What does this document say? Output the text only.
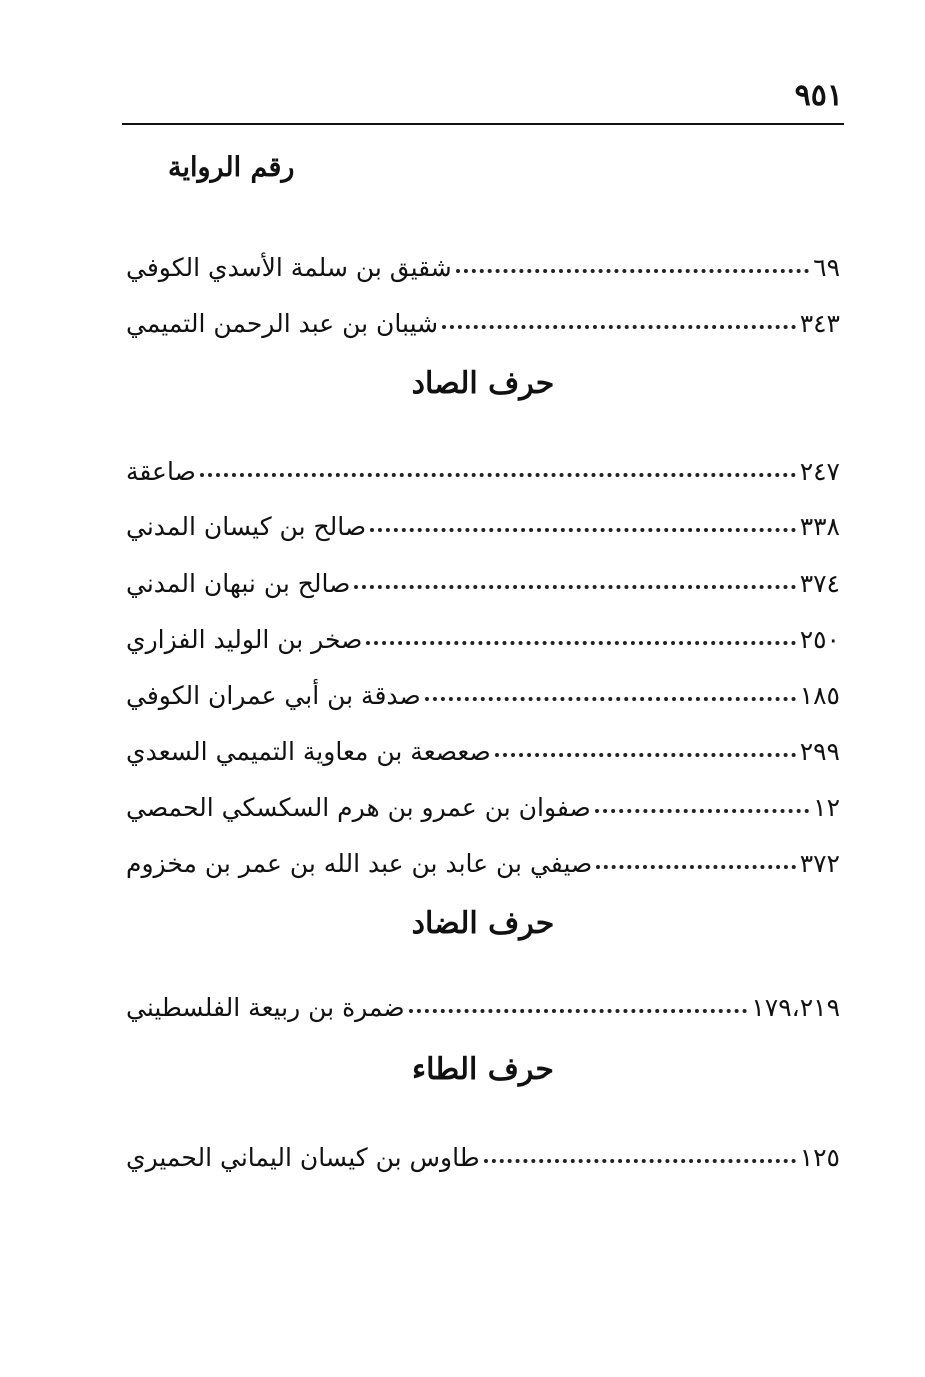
٩٥١
رقم الرواية
شقيق بن سلمة الأسدي الكوفي	٦٩
شيبان بن عبد الرحمن التميمي	٣٤٣
حرف الصاد
صاعقة	٢٤٧
صالح بن كيسان المدني	٣٣٨
صالح بن نبهان المدني	٣٧٤
صخر بن الوليد الفزاري	٢٥٠
صدقة بن أبي عمران الكوفي	١٨٥
صعصعة بن معاوية التميمي السعدي	٢٩٩
صفوان بن عمرو بن هرم السكسكي الحمصي	١٢
صيفي بن عابد بن عبد الله بن عمر بن مخزوم	٣٧٢
حرف الضاد
ضمرة بن ربيعة الفلسطيني	١٧٩،٢١٩
حرف الطاء
طاوس بن كيسان اليماني الحميري	١٢٥
